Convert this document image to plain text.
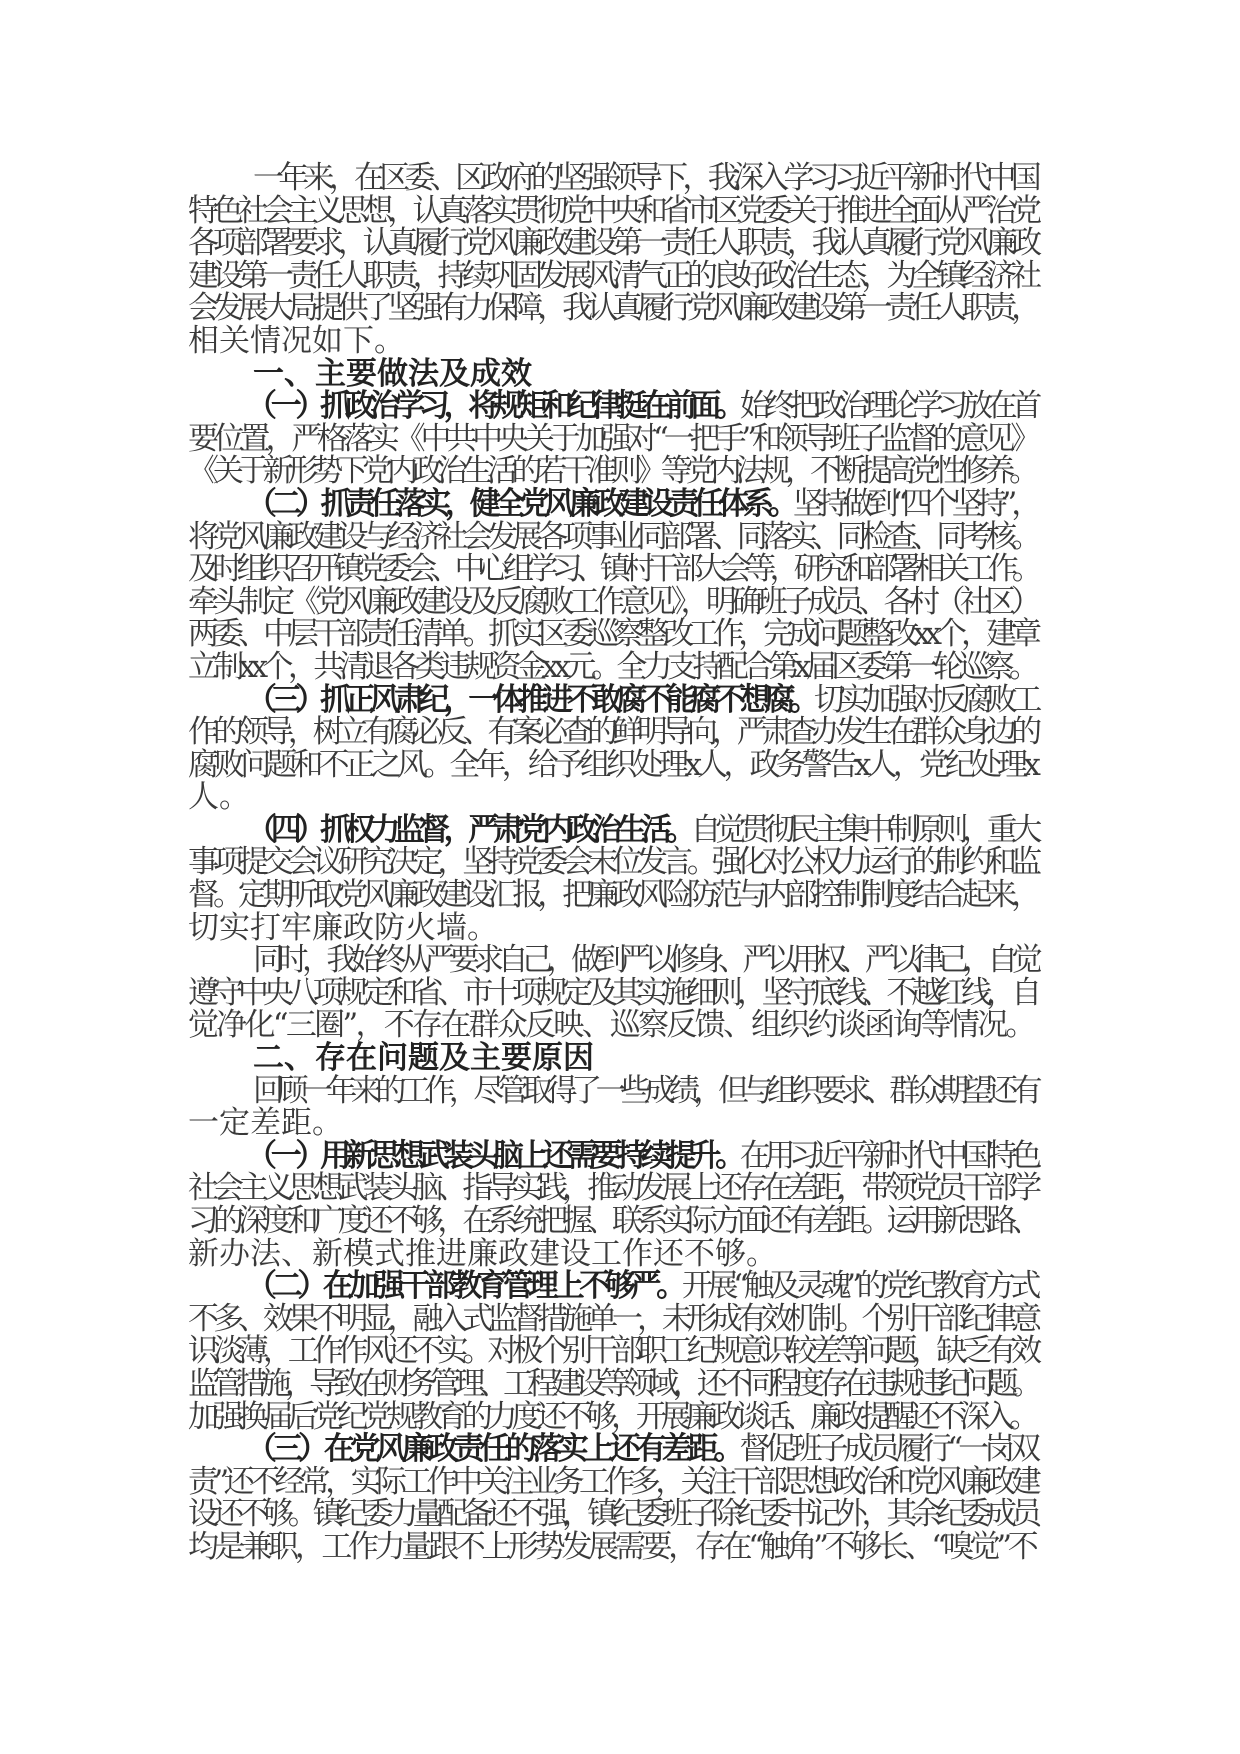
一年来，在区委、区政府的坚强领导下，我深入学习习近平新时代中国
特色社会主义思想，认真落实贯彻党中央和省市区党委关于推进全面从严治党
各项部署要求，认真履行党风廉政建设第一责任人职责，我认真履行党风廉政
建设第一责任人职责，持续巩固发展风清气正的良好政治生态，为全镇经济社
会发展大局提供了坚强有力保障，我认真履行党风廉政建设第一责任人职责，
相关情况如下。
一、主要做法及成效
（一）抓政治学习，将规矩和纪律挺在前面。始终把政治理论学习放在首
要位置，严格落实《中共中央关于加强对“一把手”和领导班子监督的意见》
《关于新形势下党内政治生活的若干准则》等党内法规，不断提高党性修养。
（二）抓责任落实，健全党风廉政建设责任体系。坚持做到“四个坚持”，
将党风廉政建设与经济社会发展各项事业同部署、同落实、同检查、同考核。
及时组织召开镇党委会、中心组学习、镇村干部大会等，研究和部署相关工作。
牵头制定《党风廉政建设及反腐败工作意见》，明确班子成员、各村（社区）
两委、中层干部责任清单。抓实区委巡察整改工作，完成问题整改xx个，建章
立制xx个，共清退各类违规资金xx元。全力支持配合第x届区委第一轮巡察。
（三）抓正风肃纪，一体推进不敢腐不能腐不想腐。切实加强对反腐败工
作的领导，树立有腐必反、有案必查的鲜明导向，严肃查办发生在群众身边的
腐败问题和不正之风。全年，给予组织处理x人，政务警告x人，党纪处理x
人。
（四）抓权力监督，严肃党内政治生活。自觉贯彻民主集中制原则，重大
事项提交会议研究决定，坚持党委会末位发言。强化对公权力运行的制约和监
督。定期听取党风廉政建设汇报，把廉政风险防范与内部控制制度结合起来，
切实打牢廉政防火墙。
同时，我始终从严要求自己，做到严以修身、严以用权、严以律己，自觉
遵守中央八项规定和省、市十项规定及其实施细则，坚守底线、不越红线，自
觉净化“三圈”，不存在群众反映、巡察反馈、组织约谈函询等情况。
二、存在问题及主要原因
回顾一年来的工作，尽管取得了一些成绩，但与组织要求、群众期望还有
一定差距。
（一）用新思想武装头脑上还需要持续提升。在用习近平新时代中国特色
社会主义思想武装头脑、指导实践，推动发展上还存在差距，带领党员干部学
习的深度和广度还不够，在系统把握、联系实际方面还有差距。运用新思路、
新办法、新模式推进廉政建设工作还不够。
（二）在加强干部教育管理上不够严。开展“触及灵魂”的党纪教育方式
不多、效果不明显，融入式监督措施单一，未形成有效机制。个别干部纪律意
识淡薄，工作作风还不实。对极个别干部职工纪规意识较差等问题，缺乏有效
监管措施，导致在财务管理、工程建设等领域，还不同程度存在违规违纪问题。
加强换届后党纪党规教育的力度还不够，开展廉政谈话、廉政提醒还不深入。
（三）在党风廉政责任的落实上还有差距。督促班子成员履行“一岗双
责”还不经常，实际工作中关注业务工作多，关注干部思想政治和党风廉政建
设还不够。镇纪委力量配备还不强，镇纪委班子除纪委书记外，其余纪委成员
均是兼职，工作力量跟不上形势发展需要，存在“触角”不够长、“嗅觉”不
